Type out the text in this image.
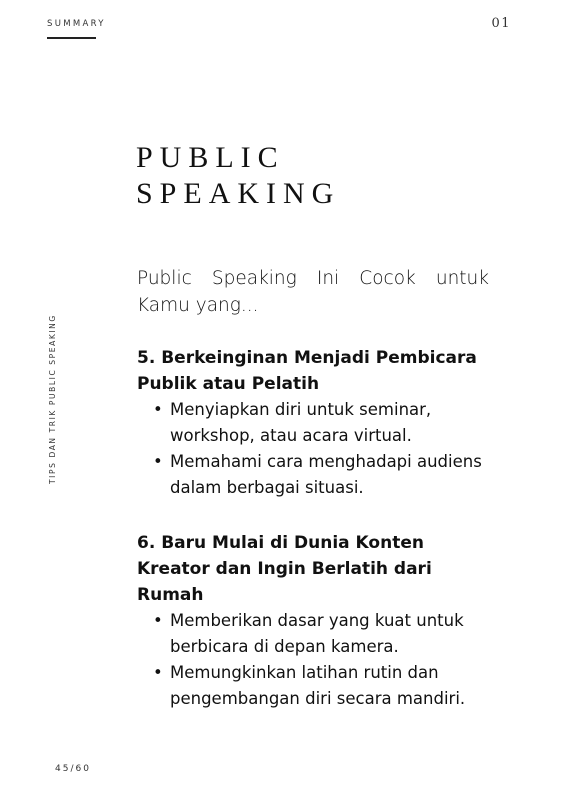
SUMMARY	01
TIPS DAN TRIK PUBLIC SPEAKING
PUBLIC
SPEAKING

Public Speaking Ini Cocok untuk Kamu yang...

5. Berkeinginan Menjadi Pembicara Publik atau Pelatih

• Menyiapkan diri untuk seminar, workshop, atau acara virtual.
• Memahami cara menghadapi audiens dalam berbagai situasi.

6. Baru Mulai di Dunia Konten Kreator dan Ingin Berlatih dari Rumah

• Memberikan dasar yang kuat untuk berbicara di depan kamera.
• Memungkinkan latihan rutin dan pengembangan diri secara mandiri.
45/60
